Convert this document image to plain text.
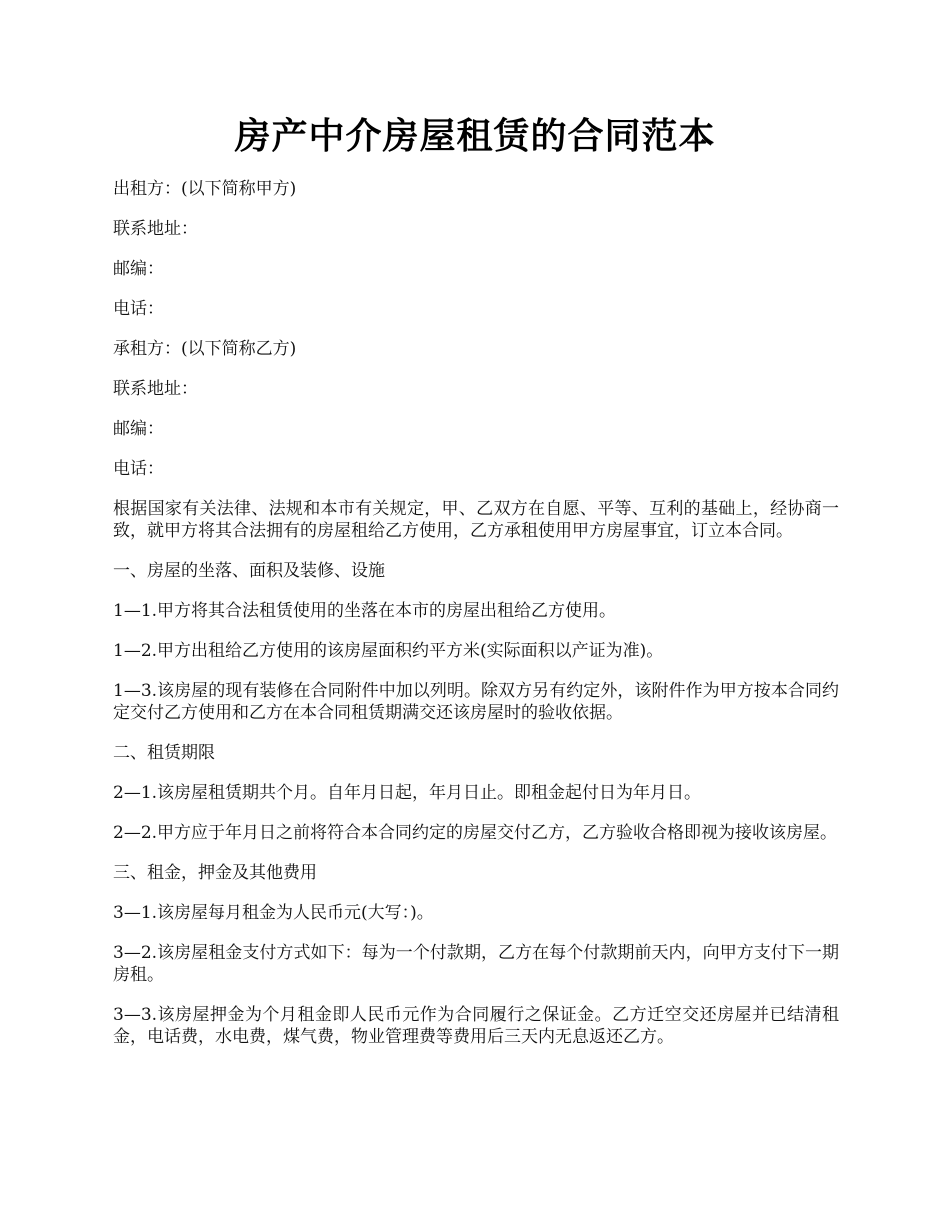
房产中介房屋租赁的合同范本

出租方：(以下简称甲方)

联系地址：

邮编：

电话：

承租方：(以下简称乙方)

联系地址：

邮编：

电话：

根据国家有关法律、法规和本市有关规定，甲、乙双方在自愿、平等、互利的基础上，经协商一致，就甲方将其合法拥有的房屋租给乙方使用，乙方承租使用甲方房屋事宜，订立本合同。

一、房屋的坐落、面积及装修、设施

1—1.甲方将其合法租赁使用的坐落在本市的房屋出租给乙方使用。

1—2.甲方出租给乙方使用的该房屋面积约平方米(实际面积以产证为准)。

1—3.该房屋的现有装修在合同附件中加以列明。除双方另有约定外，该附件作为甲方按本合同约定交付乙方使用和乙方在本合同租赁期满交还该房屋时的验收依据。

二、租赁期限

2—1.该房屋租赁期共个月。自年月日起，年月日止。即租金起付日为年月日。

2—2.甲方应于年月日之前将符合本合同约定的房屋交付乙方，乙方验收合格即视为接收该房屋。

三、租金，押金及其他费用

3—1.该房屋每月租金为人民币元(大写：)。

3—2.该房屋租金支付方式如下：每为一个付款期，乙方在每个付款期前天内，向甲方支付下一期房租。

3—3.该房屋押金为个月租金即人民币元作为合同履行之保证金。乙方迁空交还房屋并已结清租金，电话费，水电费，煤气费，物业管理费等费用后三天内无息返还乙方。
